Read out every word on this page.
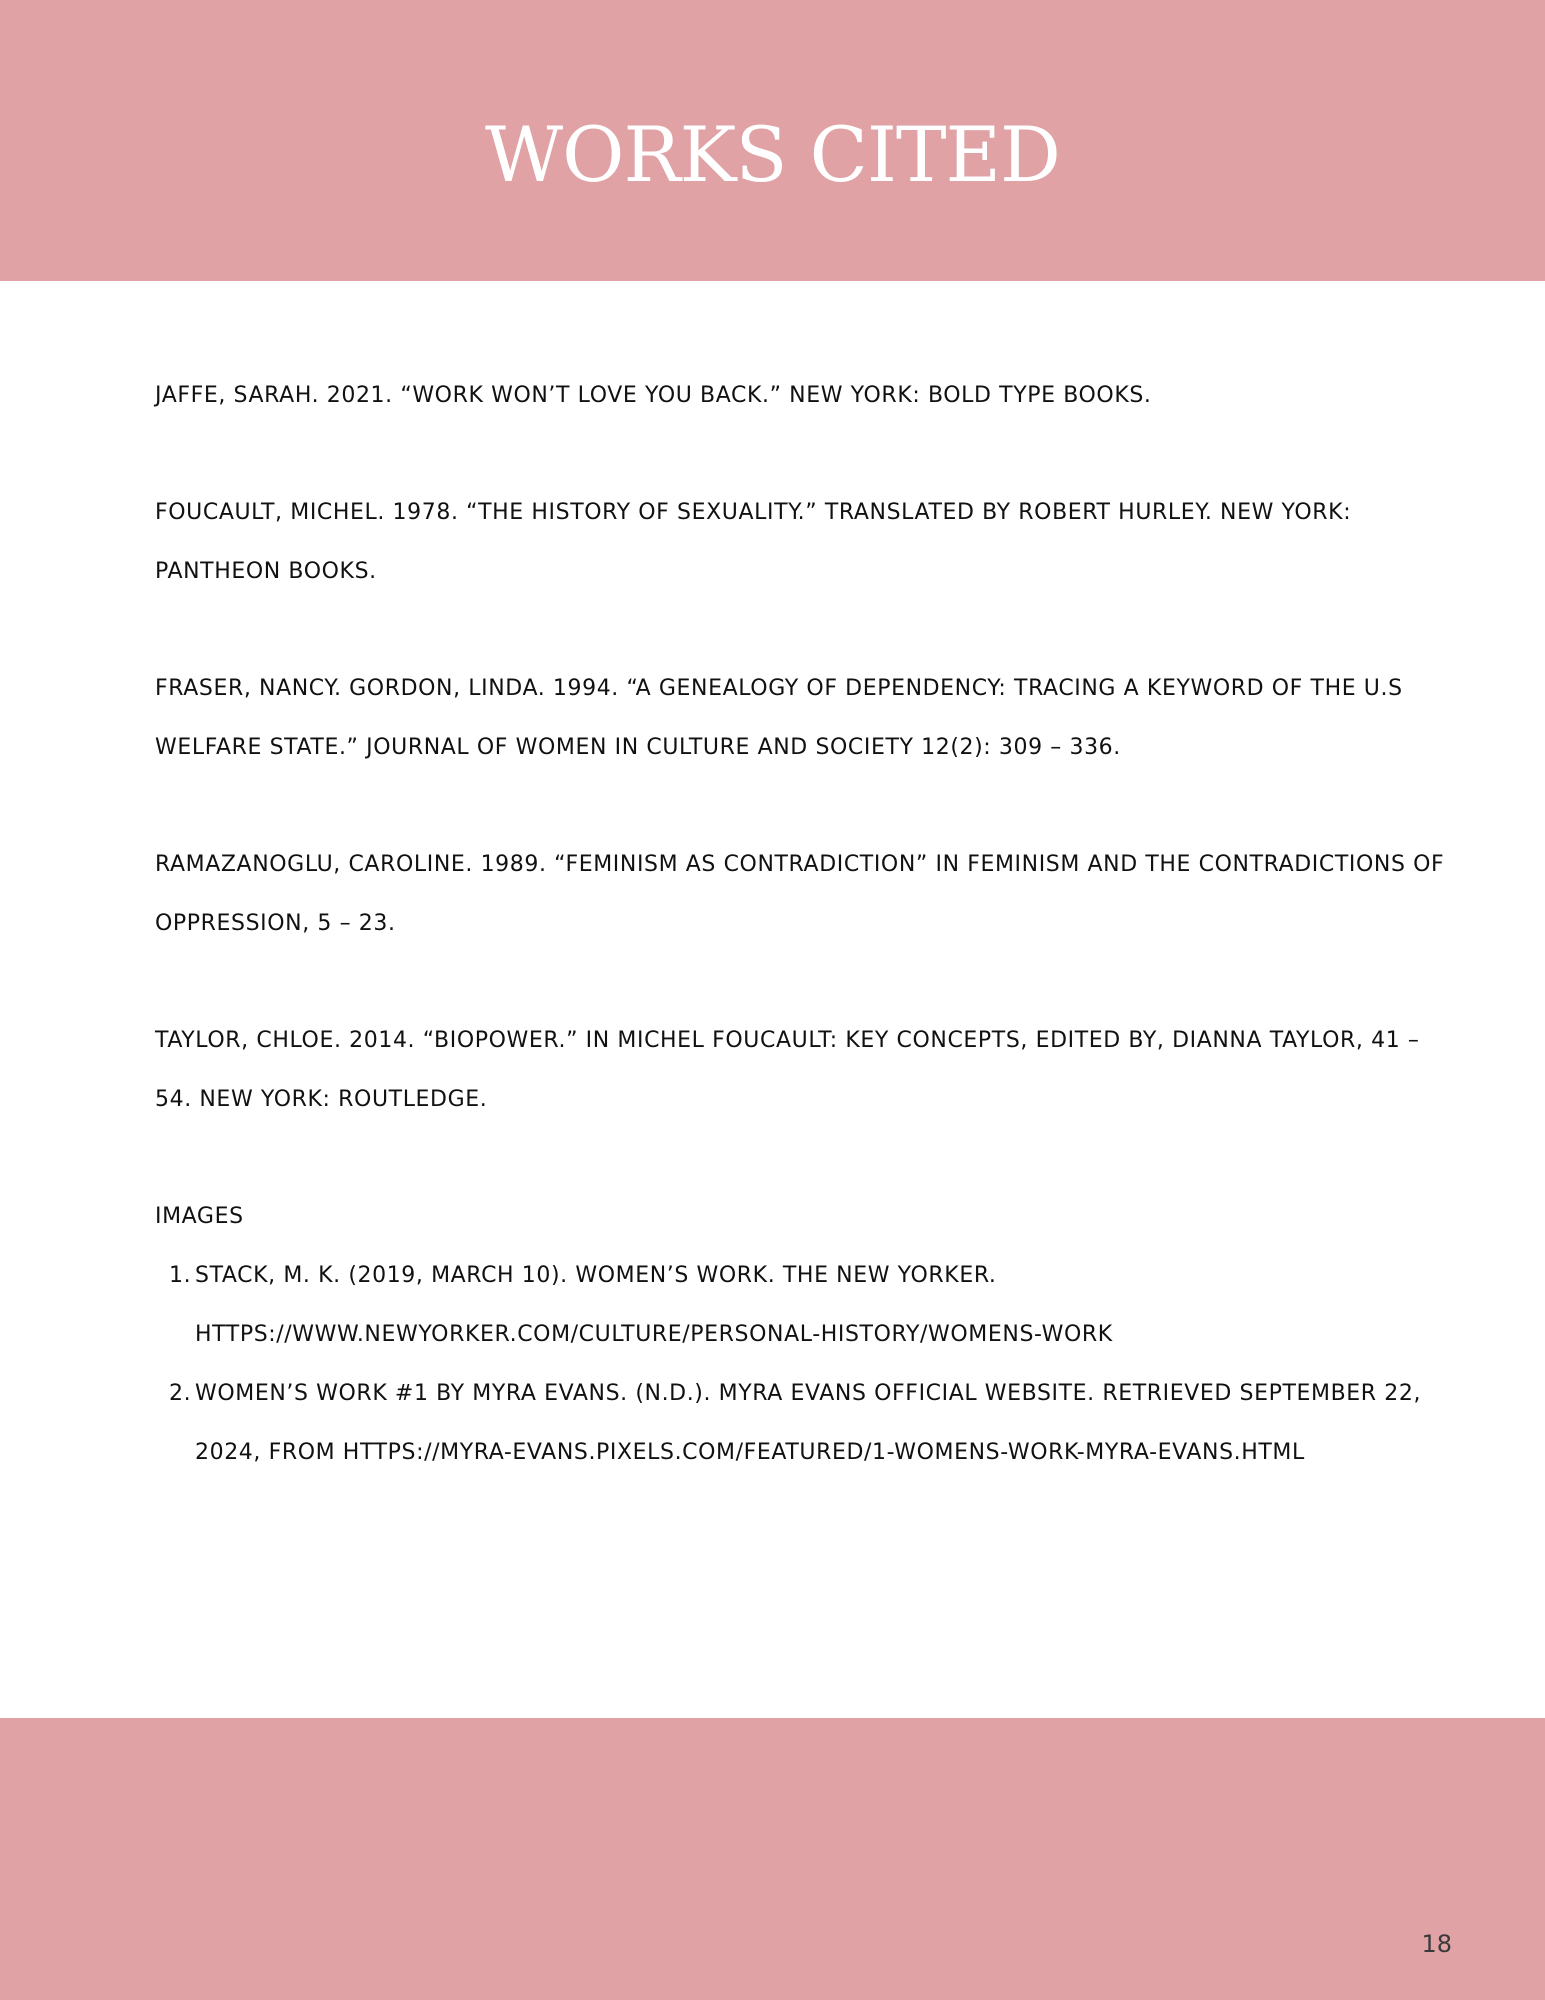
WORKS CITED

JAFFE, SARAH. 2021. “WORK WON’T LOVE YOU BACK.” NEW YORK: BOLD TYPE BOOKS.

FOUCAULT, MICHEL. 1978. “THE HISTORY OF SEXUALITY.” TRANSLATED BY ROBERT HURLEY. NEW YORK: PANTHEON BOOKS.

FRASER, NANCY. GORDON, LINDA. 1994. “A GENEALOGY OF DEPENDENCY: TRACING A KEYWORD OF THE U.S WELFARE STATE.” JOURNAL OF WOMEN IN CULTURE AND SOCIETY 12(2): 309 – 336.

RAMAZANOGLU, CAROLINE. 1989. “FEMINISM AS CONTRADICTION” IN FEMINISM AND THE CONTRADICTIONS OF OPPRESSION, 5 – 23.

TAYLOR, CHLOE. 2014. “BIOPOWER.” IN MICHEL FOUCAULT: KEY CONCEPTS, EDITED BY, DIANNA TAYLOR, 41 – 54. NEW YORK: ROUTLEDGE.

IMAGES

1. STACK, M. K. (2019, MARCH 10). WOMEN’S WORK. THE NEW YORKER. HTTPS://WWW.NEWYORKER.COM/CULTURE/PERSONAL-HISTORY/WOMENS-WORK
2. WOMEN’S WORK #1 BY MYRA EVANS. (N.D.). MYRA EVANS OFFICIAL WEBSITE. RETRIEVED SEPTEMBER 22, 2024, FROM HTTPS://MYRA-EVANS.PIXELS.COM/FEATURED/1-WOMENS-WORK-MYRA-EVANS.HTML
18
